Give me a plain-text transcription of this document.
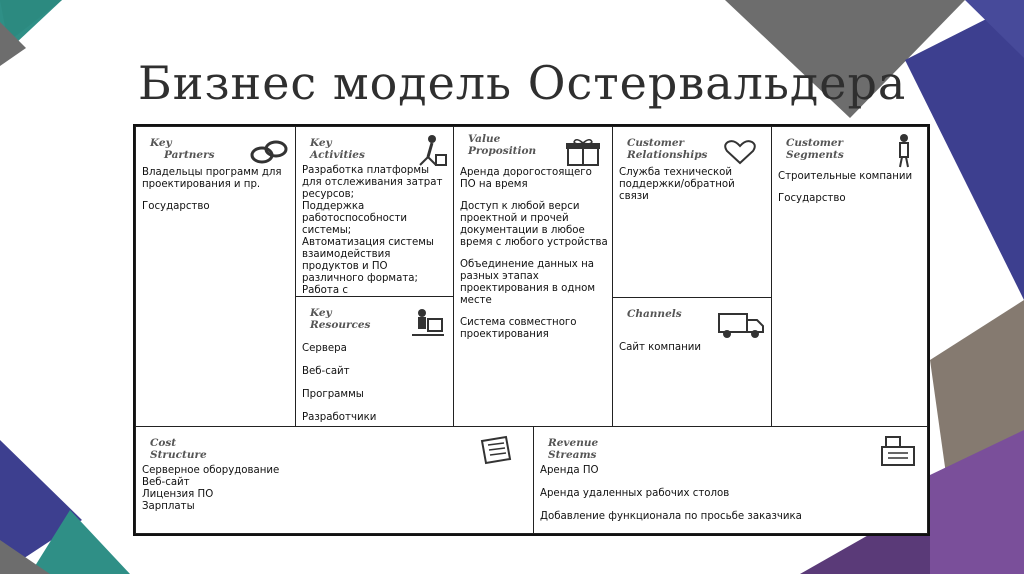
Бизнес модель Остервальдера
Key
Partners

Владельцы программ для проектирования и пр.

Государство

Key
Activities

Разработка платформы для отслеживания затрат ресурсов;

Поддержка работоспособности системы;

Автоматизация системы взаимодействия продуктов и ПО различного формата;

Работа с

Key
Resources

Сервера

Веб-сайт

Программы

Разработчики

Value
Proposition

Аренда дорогостоящего ПО на время

Доступ к любой верси проектной и прочей документации в любое время с любого устройства

Объединение данных на разных этапах проектирования в одном месте

Система совместного проектирования

Customer
Relationships

Служба технической поддержки/обратной связи

Channels

Сайт компании

Customer
Segments

Строительные компании

Государство

Cost
Structure

Серверное оборудование

Веб-сайт

Лицензия ПО

Зарплаты

Revenue
Streams

Аренда ПО

Аренда удаленных рабочих столов

Добавление функционала по просьбе заказчика
